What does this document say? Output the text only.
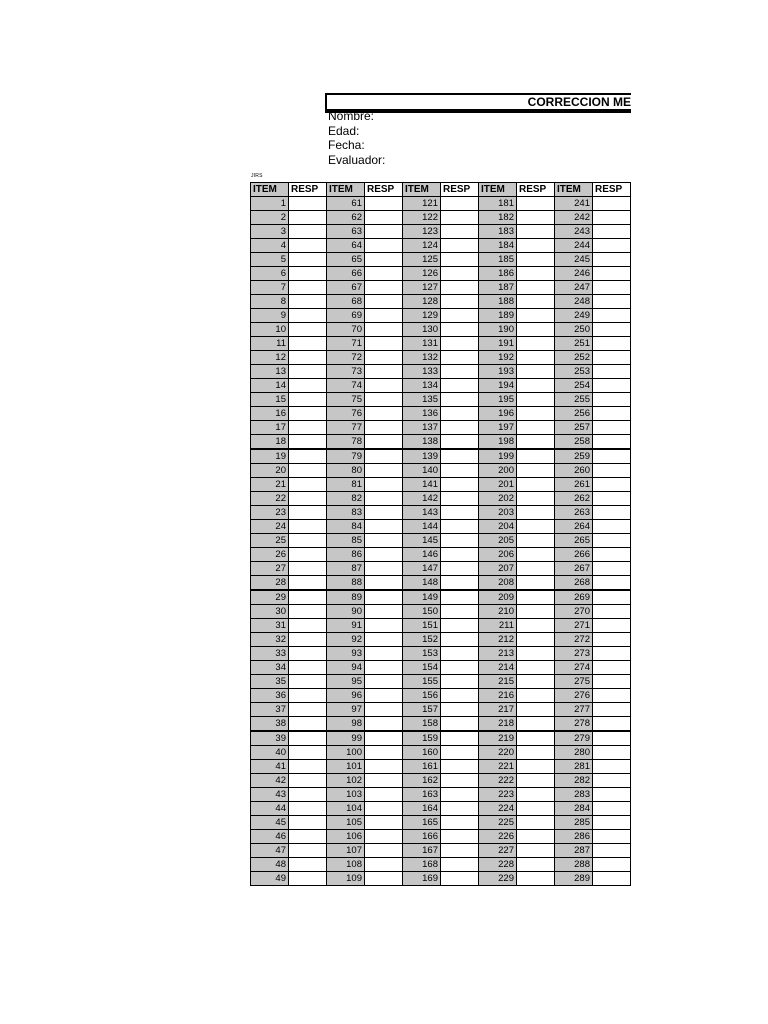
CORRECCION ME
Nombre:
Edad:
Fecha:
Evaluador:
JIRS
ITEM	RESP	ITEM	RESP	ITEM	RESP	ITEM	RESP	ITEM	RESP
1		61		121		181		241	
2		62		122		182		242	
3		63		123		183		243	
4		64		124		184		244	
5		65		125		185		245	
6		66		126		186		246	
7		67		127		187		247	
8		68		128		188		248	
9		69		129		189		249	
10		70		130		190		250	
11		71		131		191		251	
12		72		132		192		252	
13		73		133		193		253	
14		74		134		194		254	
15		75		135		195		255	
16		76		136		196		256	
17		77		137		197		257	
18		78		138		198		258	
19		79		139		199		259	
20		80		140		200		260	
21		81		141		201		261	
22		82		142		202		262	
23		83		143		203		263	
24		84		144		204		264	
25		85		145		205		265	
26		86		146		206		266	
27		87		147		207		267	
28		88		148		208		268	
29		89		149		209		269	
30		90		150		210		270	
31		91		151		211		271	
32		92		152		212		272	
33		93		153		213		273	
34		94		154		214		274	
35		95		155		215		275	
36		96		156		216		276	
37		97		157		217		277	
38		98		158		218		278	
39		99		159		219		279	
40		100		160		220		280	
41		101		161		221		281	
42		102		162		222		282	
43		103		163		223		283	
44		104		164		224		284	
45		105		165		225		285	
46		106		166		226		286	
47		107		167		227		287	
48		108		168		228		288	
49		109		169		229		289	
